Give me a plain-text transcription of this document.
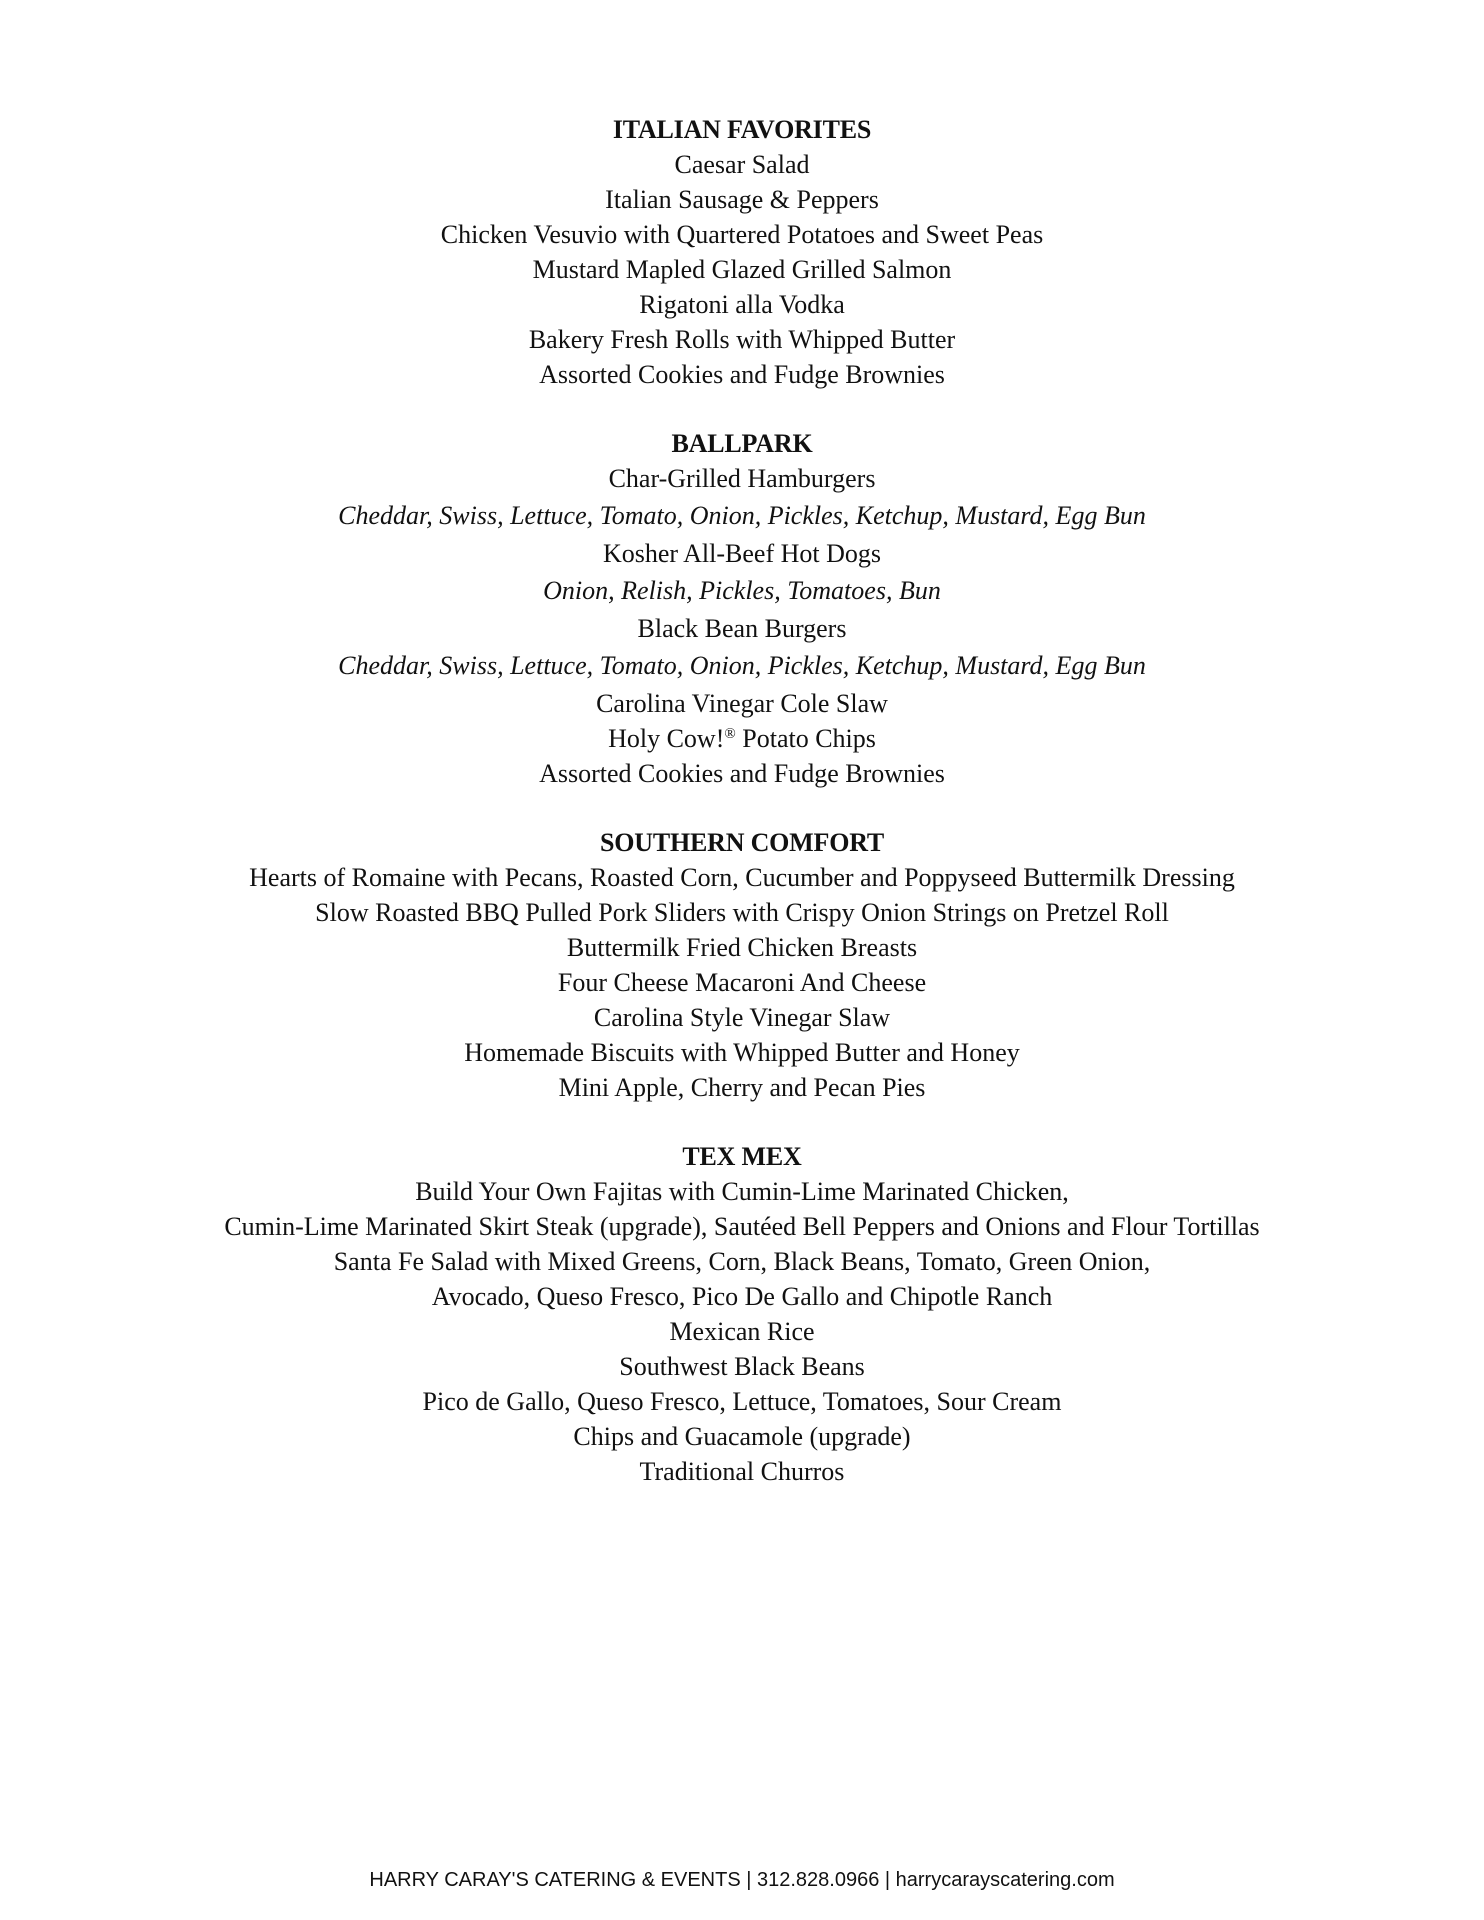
ITALIAN FAVORITES
Caesar Salad
Italian Sausage & Peppers
Chicken Vesuvio with Quartered Potatoes and Sweet Peas
Mustard Mapled Glazed Grilled Salmon
Rigatoni alla Vodka
Bakery Fresh Rolls with Whipped Butter
Assorted Cookies and Fudge Brownies
BALLPARK
Char-Grilled Hamburgers
Cheddar, Swiss, Lettuce, Tomato, Onion, Pickles, Ketchup, Mustard, Egg Bun
Kosher All-Beef Hot Dogs
Onion, Relish, Pickles, Tomatoes, Bun
Black Bean Burgers
Cheddar, Swiss, Lettuce, Tomato, Onion, Pickles, Ketchup, Mustard, Egg Bun
Carolina Vinegar Cole Slaw
Holy Cow!® Potato Chips
Assorted Cookies and Fudge Brownies
SOUTHERN COMFORT
Hearts of Romaine with Pecans, Roasted Corn, Cucumber and Poppyseed Buttermilk Dressing
Slow Roasted BBQ Pulled Pork Sliders with Crispy Onion Strings on Pretzel Roll
Buttermilk Fried Chicken Breasts
Four Cheese Macaroni And Cheese
Carolina Style Vinegar Slaw
Homemade Biscuits with Whipped Butter and Honey
Mini Apple, Cherry and Pecan Pies
TEX MEX
Build Your Own Fajitas with Cumin-Lime Marinated Chicken,
Cumin-Lime Marinated Skirt Steak (upgrade), Sautéed Bell Peppers and Onions and Flour Tortillas
Santa Fe Salad with Mixed Greens, Corn, Black Beans, Tomato, Green Onion,
Avocado, Queso Fresco, Pico De Gallo and Chipotle Ranch
Mexican Rice
Southwest Black Beans
Pico de Gallo, Queso Fresco, Lettuce, Tomatoes, Sour Cream
Chips and Guacamole (upgrade)
Traditional Churros
HARRY CARAY'S CATERING & EVENTS | 312.828.0966 | harrycarayscatering.com
